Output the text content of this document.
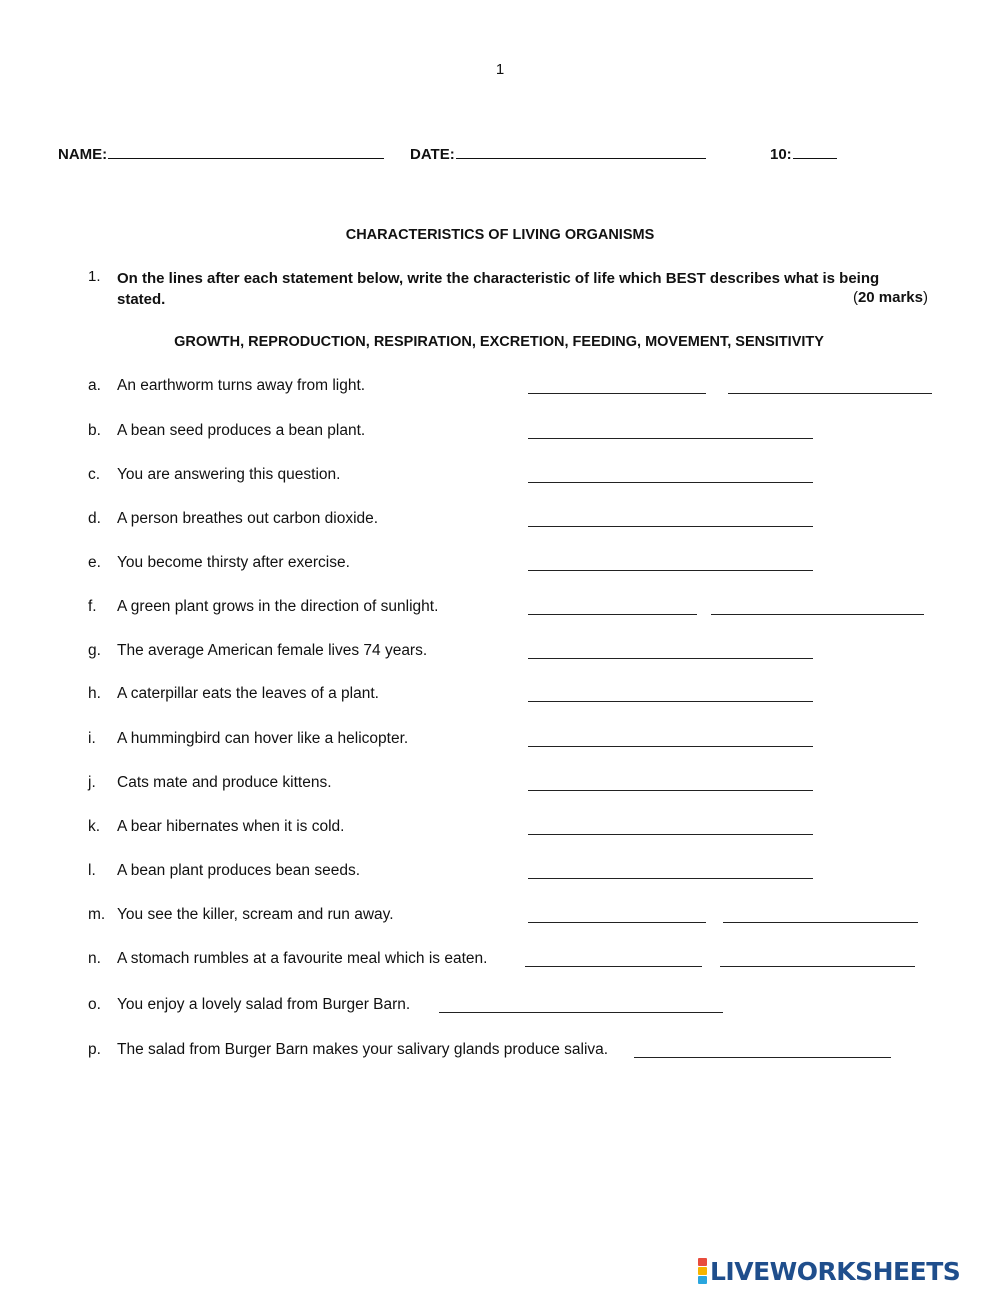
1
NAME:	DATE:	10:
CHARACTERISTICS OF LIVING ORGANISMS
1. On the lines after each statement below, write the characteristic of life which BEST describes what is being stated.	(20 marks)
GROWTH, REPRODUCTION, RESPIRATION, EXCRETION, FEEDING, MOVEMENT, SENSITIVITY
a. An earthworm turns away from light.
b. A bean seed produces a bean plant.
c. You are answering this question.
d. A person breathes out carbon dioxide.
e. You become thirsty after exercise.
f. A green plant grows in the direction of sunlight.
g. The average American female lives 74 years.
h. A caterpillar eats the leaves of a plant.
i. A hummingbird can hover like a helicopter.
j. Cats mate and produce kittens.
k. A bear hibernates when it is cold.
l. A bean plant produces bean seeds.
m. You see the killer, scream and run away.
n. A stomach rumbles at a favourite meal which is eaten.
o. You enjoy a lovely salad from Burger Barn.
p. The salad from Burger Barn makes your salivary glands produce saliva.
LIVEWORKSHEETS
